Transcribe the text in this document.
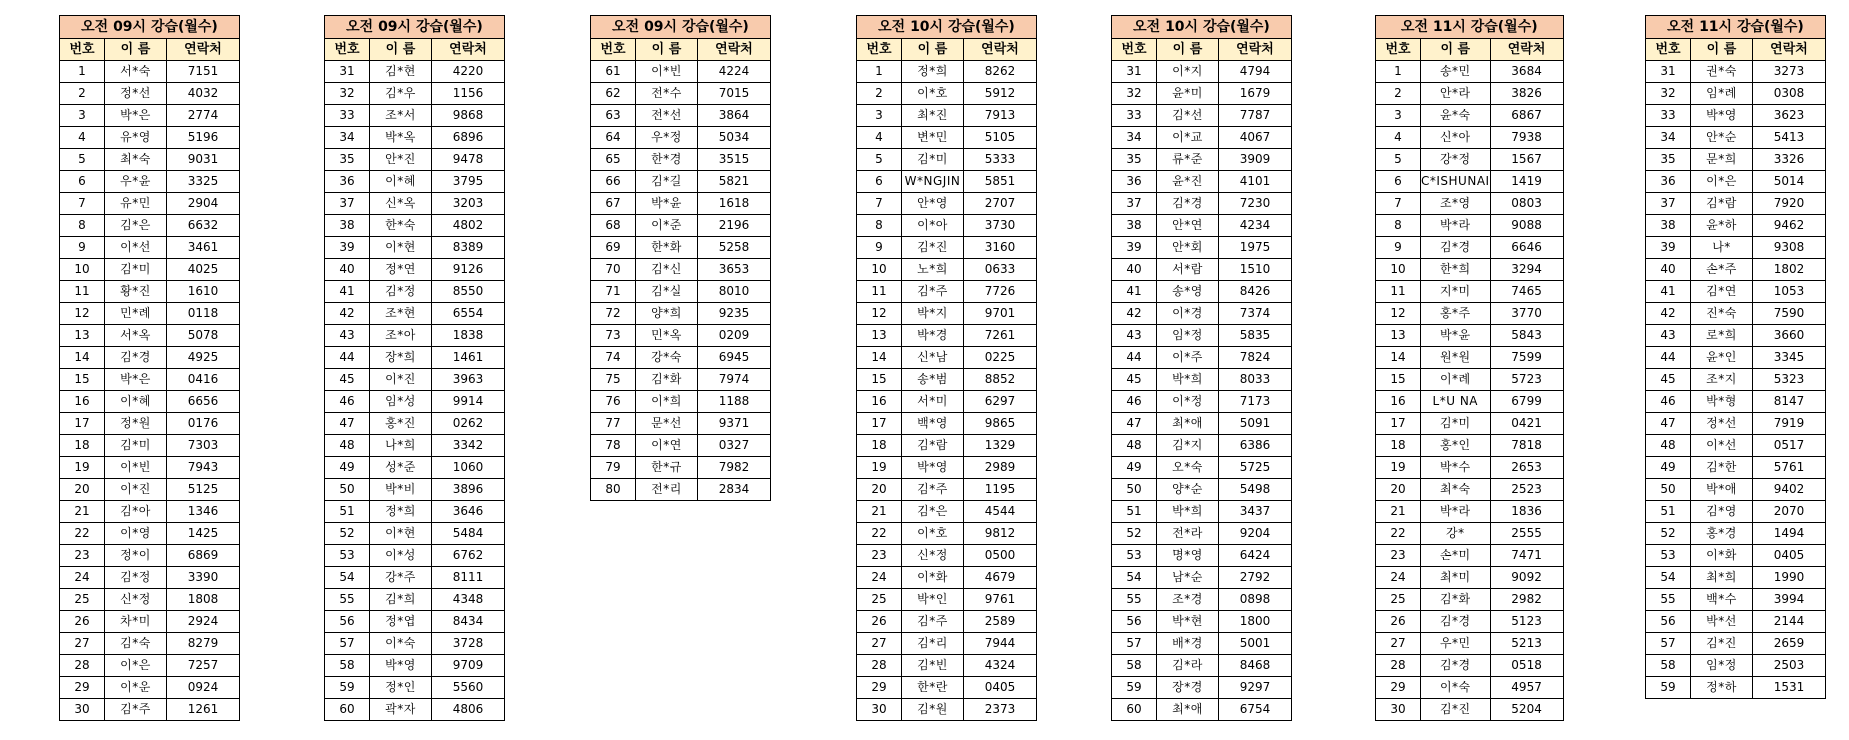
오전 09시 강습(월수)		
번호	이 름	연락처
1	서*숙	7151
2	정*선	4032
3	박*은	2774
4	유*영	5196
5	최*숙	9031
6	우*윤	3325
7	유*민	2904
8	김*은	6632
9	이*선	3461
10	김*미	4025
11	황*진	1610
12	민*례	0118
13	서*옥	5078
14	김*경	4925
15	박*은	0416
16	이*혜	6656
17	정*원	0176
18	김*미	7303
19	이*빈	7943
20	이*진	5125
21	김*아	1346
22	이*영	1425
23	정*이	6869
24	김*정	3390
25	신*정	1808
26	차*미	2924
27	김*숙	8279
28	이*은	7257
29	이*운	0924
30	김*주	1261
오전 09시 강습(월수)		
번호	이 름	연락처
31	김*현	4220
32	김*우	1156
33	조*서	9868
34	박*옥	6896
35	안*진	9478
36	이*혜	3795
37	신*옥	3203
38	한*숙	4802
39	이*현	8389
40	정*연	9126
41	김*정	8550
42	조*현	6554
43	조*아	1838
44	장*희	1461
45	이*진	3963
46	임*성	9914
47	홍*진	0262
48	나*희	3342
49	성*준	1060
50	박*비	3896
51	정*희	3646
52	이*현	5484
53	이*성	6762
54	강*주	8111
55	김*희	4348
56	정*엽	8434
57	이*숙	3728
58	박*영	9709
59	정*인	5560
60	곽*자	4806
오전 09시 강습(월수)		
번호	이 름	연락처
61	이*빈	4224
62	전*수	7015
63	전*선	3864
64	우*정	5034
65	한*경	3515
66	김*길	5821
67	박*윤	1618
68	이*준	2196
69	한*화	5258
70	김*신	3653
71	김*실	8010
72	양*희	9235
73	민*옥	0209
74	강*숙	6945
75	김*화	7974
76	이*희	1188
77	문*선	9371
78	이*연	0327
79	한*규	7982
80	전*리	2834
오전 10시 강습(월수)		
번호	이 름	연락처
1	정*희	8262
2	이*호	5912
3	최*진	7913
4	변*민	5105
5	김*미	5333
6	W*NGJIN	5851
7	안*영	2707
8	이*아	3730
9	김*진	3160
10	노*희	0633
11	김*주	7726
12	박*지	9701
13	박*경	7261
14	신*남	0225
15	송*범	8852
16	서*미	6297
17	백*영	9865
18	김*람	1329
19	박*영	2989
20	김*주	1195
21	김*은	4544
22	이*호	9812
23	신*정	0500
24	이*화	4679
25	박*인	9761
26	김*주	2589
27	김*리	7944
28	김*빈	4324
29	한*란	0405
30	김*원	2373
오전 10시 강습(월수)		
번호	이 름	연락처
31	이*지	4794
32	윤*미	1679
33	김*선	7787
34	이*교	4067
35	류*준	3909
36	윤*진	4101
37	김*경	7230
38	안*연	4234
39	안*회	1975
40	서*람	1510
41	송*영	8426
42	이*경	7374
43	임*정	5835
44	이*주	7824
45	박*희	8033
46	이*정	7173
47	최*애	5091
48	김*지	6386
49	오*숙	5725
50	양*순	5498
51	박*희	3437
52	전*라	9204
53	명*영	6424
54	남*순	2792
55	조*경	0898
56	박*현	1800
57	배*경	5001
58	김*라	8468
59	장*경	9297
60	최*애	6754
오전 11시 강습(월수)		
번호	이 름	연락처
1	송*민	3684
2	안*라	3826
3	윤*숙	6867
4	신*아	7938
5	강*정	1567
6	C*ISHUNAI	1419
7	조*영	0803
8	박*라	9088
9	김*경	6646
10	한*희	3294
11	지*미	7465
12	홍*주	3770
13	박*윤	5843
14	원*원	7599
15	이*례	5723
16	L*U NA	6799
17	김*미	0421
18	홍*인	7818
19	박*수	2653
20	최*숙	2523
21	박*라	1836
22	강*	2555
23	손*미	7471
24	최*미	9092
25	김*화	2982
26	김*경	5123
27	우*민	5213
28	김*경	0518
29	이*숙	4957
30	김*진	5204
오전 11시 강습(월수)		
번호	이 름	연락처
31	권*숙	3273
32	임*례	0308
33	박*영	3623
34	안*순	5413
35	문*희	3326
36	이*은	5014
37	김*람	7920
38	윤*하	9462
39	나*	9308
40	손*주	1802
41	김*연	1053
42	진*숙	7590
43	로*희	3660
44	윤*인	3345
45	조*지	5323
46	박*형	8147
47	정*선	7919
48	이*선	0517
49	김*한	5761
50	박*애	9402
51	김*영	2070
52	홍*경	1494
53	이*화	0405
54	최*희	1990
55	백*수	3994
56	박*선	2144
57	김*진	2659
58	임*정	2503
59	정*하	1531
